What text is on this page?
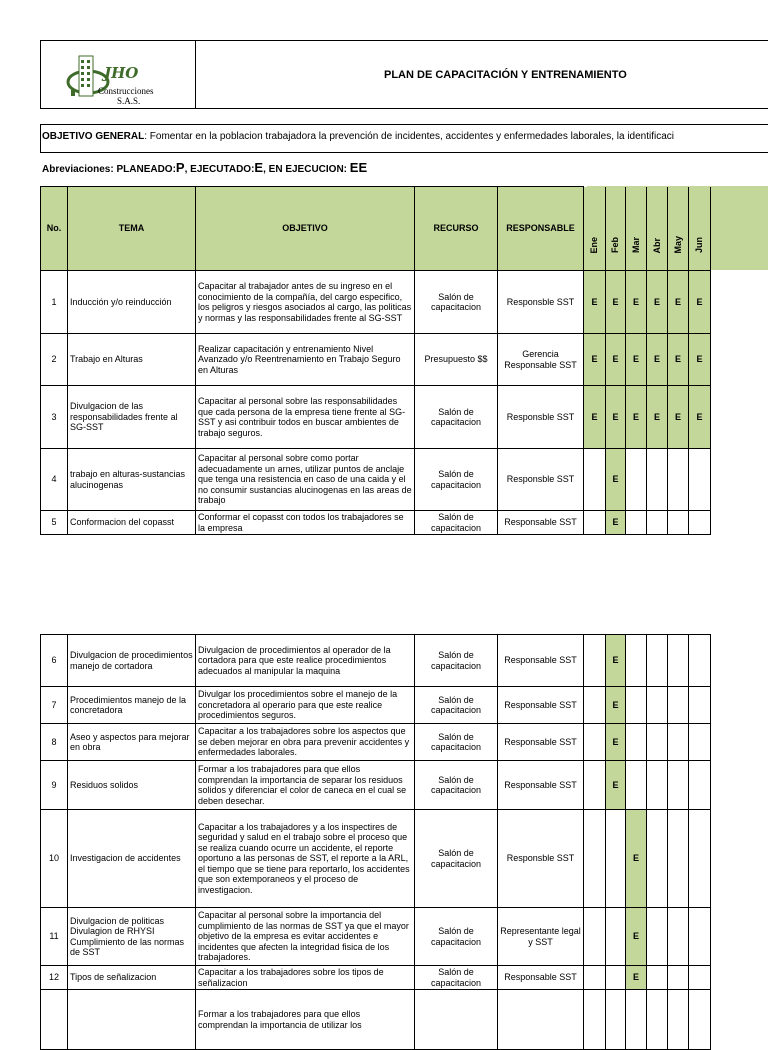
JHO
Construcciones
S.A.S.
PLAN DE CAPACITACIÓN Y ENTRENAMIENTO
OBJETIVO GENERAL: Fomentar en la poblacion trabajadora la prevención de incidentes, accidentes y enfermedades laborales, la identificaci
Abreviaciones: PLANEADO:P, EJECUTADO:E, EN EJECUCION: EE
No.	TEMA	OBJETIVO	RECURSO	RESPONSABLE	Ene	Feb	Mar	Abr	May	Jun
1	Inducción y/o reinducción	Capacitar al trabajador antes de su ingreso en el conocimiento de la compañía, del cargo especifico, los peligros y riesgos asociados al cargo, las politicas y normas y las responsabilidades frente al SG-SST	Salón de capacitacion	Responsble SST	E	E	E	E	E	E
2	Trabajo en Alturas	Realizar capacitación y entrenamiento Nivel Avanzado y/o Reentrenamiento en Trabajo Seguro en Alturas	Presupuesto $$	Gerencia Responsable SST	E	E	E	E	E	E
3	Divulgacion de las responsabilidades frente al SG-SST	Capacitar al personal sobre las responsabilidades que cada persona de la empresa tiene frente al SG-SST y asi contribuir todos en buscar ambientes de trabajo seguros.	Salón de capacitacion	Responsble SST	E	E	E	E	E	E
4	trabajo en alturas-sustancias alucinogenas	Capacitar al personal sobre como portar adecuadamente un arnes, utilizar puntos de anclaje que tenga una resistencia en caso de una caida y el no consumir sustancias alucinogenas en las areas de trabajo	Salón de capacitacion	Responsble SST		E				
5	Conformacion del copasst	Conformar el copasst con todos los trabajadores se la empresa	Salón de capacitacion	Responsable SST		E				
6	Divulgacion de procedimientos manejo de cortadora	Divulgacion de procedimientos al operador de la cortadora para que este realice procedimientos adecuados al manipular la maquina	Salón de capacitacion	Responsable SST		E				
7	Procedimientos manejo de la concretadora	Divulgar los procedimientos sobre el manejo de la concretadora al operario para que este realice procedimientos seguros.	Salón de capacitacion	Responsable SST		E				
8	Aseo y aspectos para mejorar en obra	Capacitar a los trabajadores sobre los aspectos que se deben mejorar en obra para prevenir accidentes y enfermedades laborales.	Salón de capacitacion	Responsable SST		E				
9	Residuos solidos	Formar a los trabajadores para que ellos comprendan la importancia de separar los residuos solidos y diferenciar el color de caneca en el cual se deben desechar.	Salón de capacitacion	Responsable SST		E				
10	Investigacion de accidentes	Capacitar a los trabajadores y a los inspectires de seguridad y salud en el trabajo sobre el proceso que se realiza cuando ocurre un accidente, el reporte oportuno a las personas de SST, el reporte a la ARL, el tiempo que se tiene para reportarlo, los accidentes que son extemporaneos y el proceso de investigacion.	Salón de capacitacion	Responsble SST			E			
11	Divulgacion de politicas Divulagion de RHYSI Cumplimiento de las normas de SST	Capacitar al personal sobre la importancia del cumplimiento de las normas de SST ya que el mayor objetivo de la empresa es evitar accidentes e incidentes que afecten la integridad fisica de los trabajadores.	Salón de capacitacion	Representante legal y SST			E			
12	Tipos de señalizacion	Capacitar a los trabajadores sobre los tipos de señalizacion	Salón de capacitacion	Responsable SST			E			
		Formar a los trabajadores para que ellos comprendan la importancia de utilizar los								
